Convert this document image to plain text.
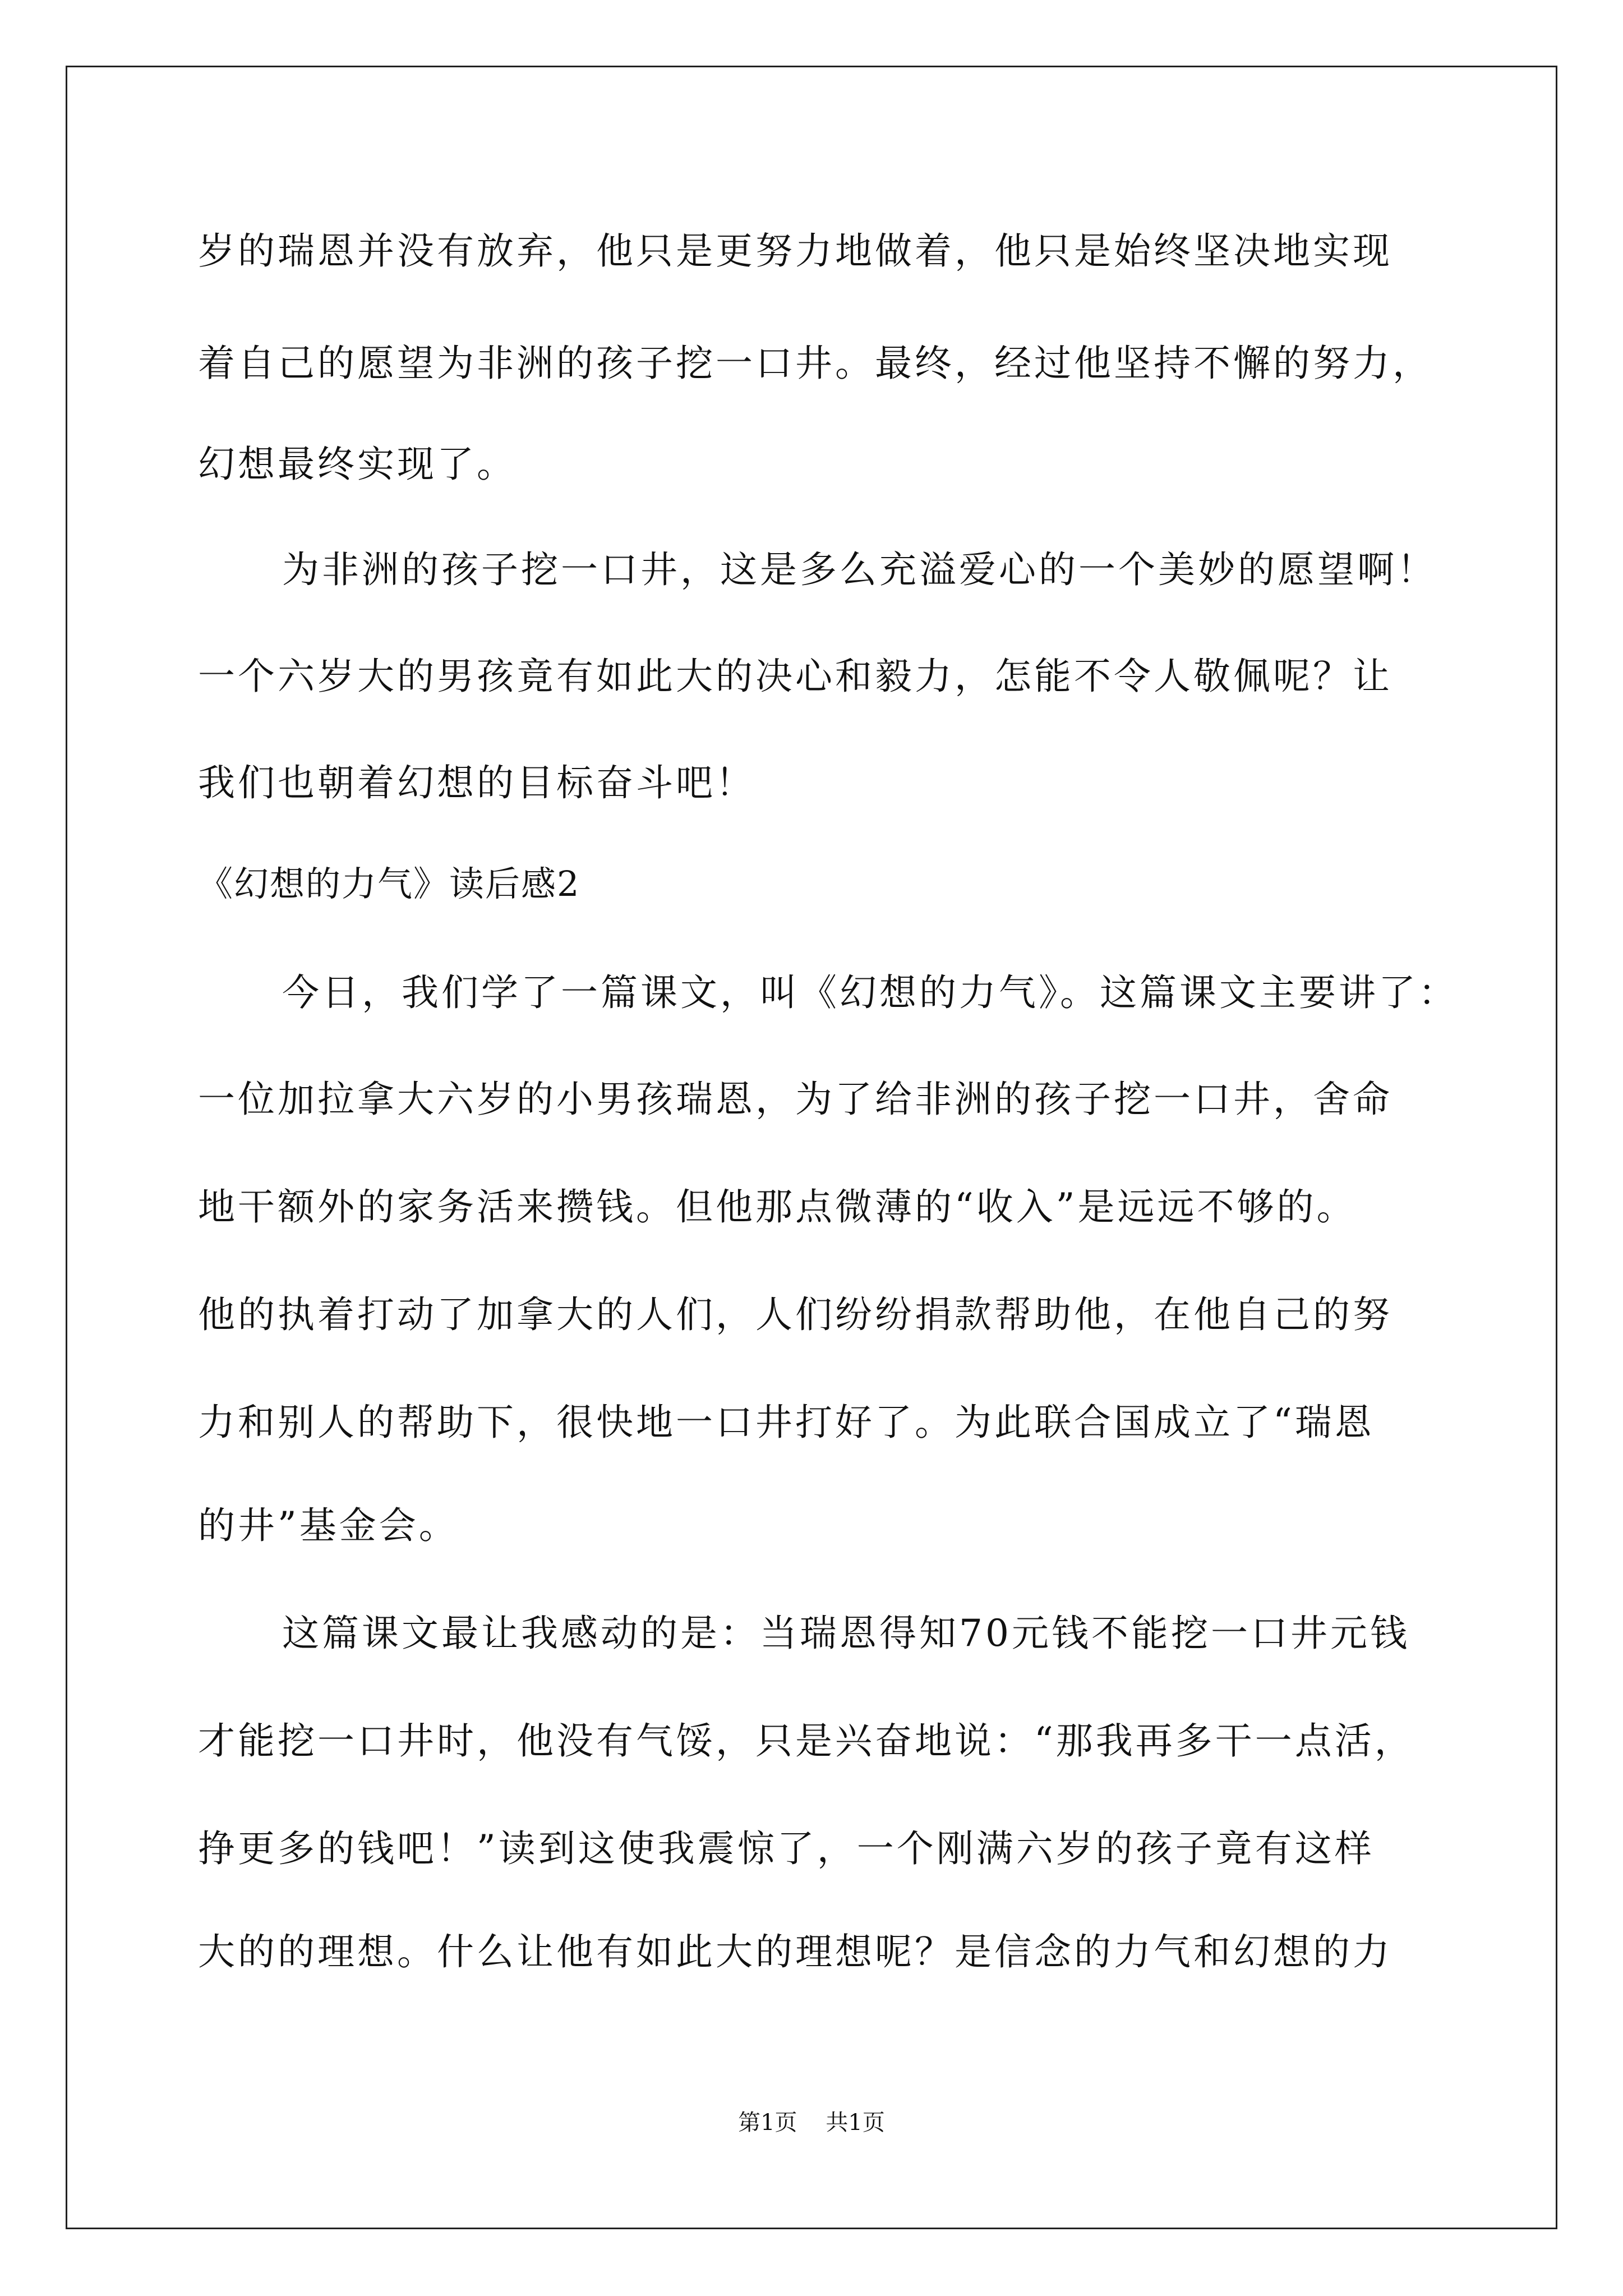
岁的瑞恩并没有放弃，他只是更努力地做着，他只是始终坚决地实现
着自己的愿望为非洲的孩子挖一口井。最终，经过他坚持不懈的努力，
幻想最终实现了。
为非洲的孩子挖一口井，这是多么充溢爱心的一个美妙的愿望啊！
一个六岁大的男孩竟有如此大的决心和毅力，怎能不令人敬佩呢？让
我们也朝着幻想的目标奋斗吧！
《幻想的力气》读后感2
今日，我们学了一篇课文，叫《幻想的力气》。这篇课文主要讲了：
一位加拉拿大六岁的小男孩瑞恩，为了给非洲的孩子挖一口井，舍命
地干额外的家务活来攒钱。但他那点微薄的“收入”是远远不够的。
他的执着打动了加拿大的人们，人们纷纷捐款帮助他，在他自己的努
力和别人的帮助下，很快地一口井打好了。为此联合国成立了“瑞恩
的井”基金会。
这篇课文最让我感动的是：当瑞恩得知70元钱不能挖一口井元钱
才能挖一口井时，他没有气馁，只是兴奋地说：“那我再多干一点活，
挣更多的钱吧！”读到这使我震惊了，一个刚满六岁的孩子竟有这样
大的的理想。什么让他有如此大的理想呢？是信念的力气和幻想的力
第1页    共1页
